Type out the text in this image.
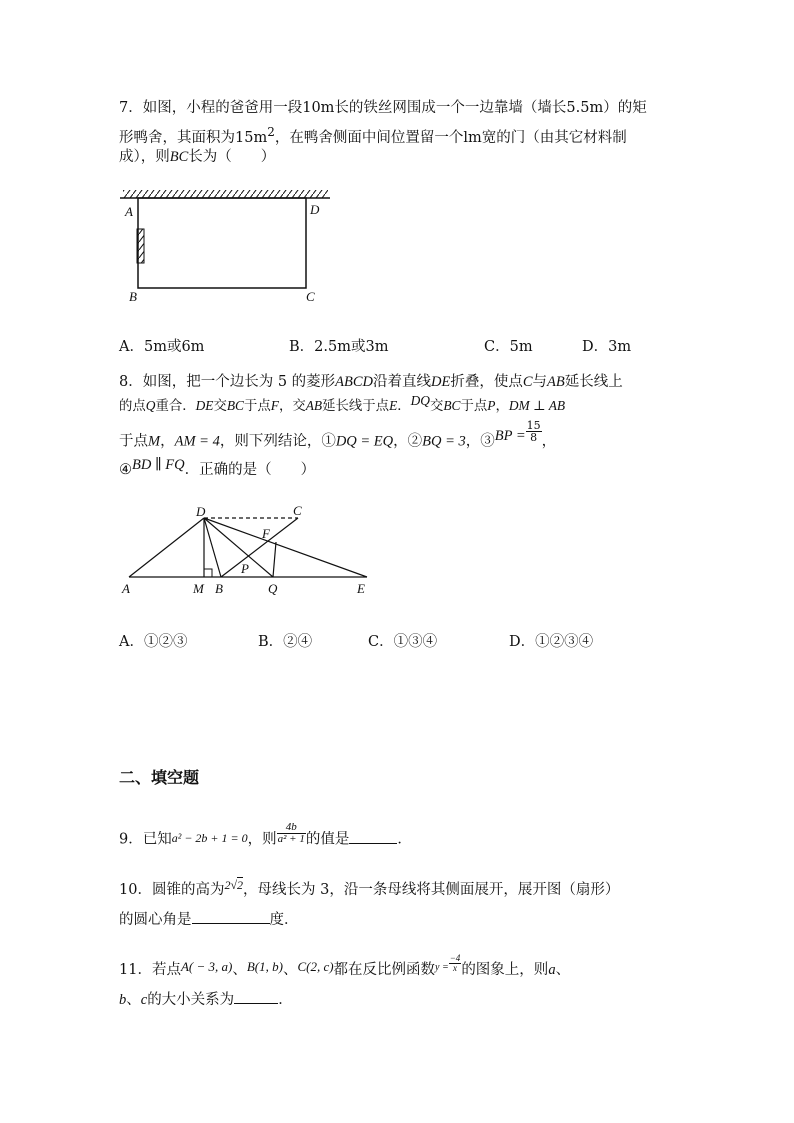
7．如图，小程的爸爸用一段10m长的铁丝网围成一个一边靠墙（墙长5.5m）的矩
形鸭舍，其面积为$15m^2$，在鸭舍侧面中间位置留一个lm宽的门（由其它材料制
成），则BC长为（　　）
A	D
B	C
A．5m或6m	B．2.5m或3m	C．5m	D．3m
8．如图，把一个边长为 5 的菱形ABCD沿着直线DE折叠，使点C与AB延长线上
的点Q重合．DE交BC于点F，交AB延长线于点E．DQ交BC于点P，DM ⊥ AB
于点M，AM = 4，则下列结论，①DQ = EQ，②BQ = 3，③BP = $\frac{15}{8}$ ，
④BD ∥ FQ．正确的是（　　）
D	C
F
P
A	M B	Q	E
A．①②③	B．②④	C．①③④	D．①②③④
二、填空题
9．已知a² − 2b + 1 = 0，则 $\frac{4b}{\text{a² + 1}}$ 的值是	．
10．圆锥的高为$^{2√2}$，母线长为 3，沿一条母线将其侧面展开，展开图（扇形）
的圆心角是	度．
11．若点A( − 3, a)、B(1, b)、C(2, c)都在反比例函数$^{y =} \frac{-4}{x}$ 的图象上，则a、
b、c的大小关系为	．
